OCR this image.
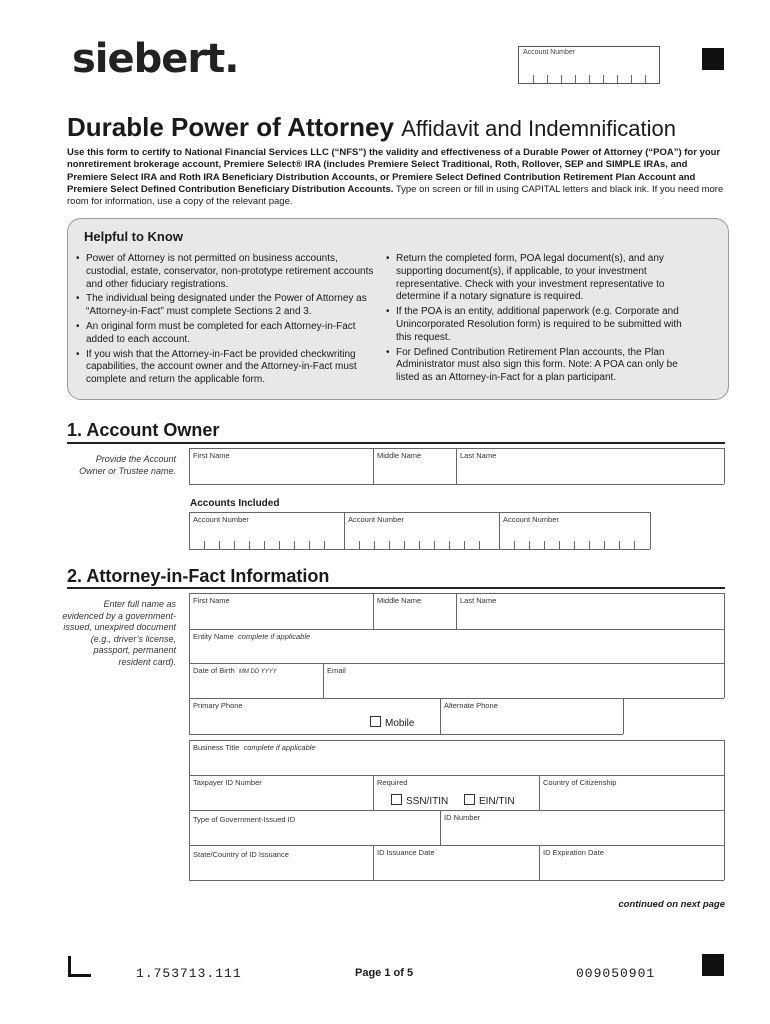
siebert.	Account Number
Durable Power of Attorney Affidavit and Indemnification
Use this form to certify to National Financial Services LLC (“NFS”) the validity and effectiveness of a Durable Power of Attorney (“POA”) for your nonretirement brokerage account, Premiere Select® IRA (includes Premiere Select Traditional, Roth, Rollover, SEP and SIMPLE IRAs, and Premiere Select IRA and Roth IRA Beneficiary Distribution Accounts, or Premiere Select Defined Contribution Retirement Plan Account and Premiere Select Defined Contribution Beneficiary Distribution Accounts. Type on screen or fill in using CAPITAL letters and black ink. If you need more room for information, use a copy of the relevant page.
Helpful to Know
• Power of Attorney is not permitted on business accounts, custodial, estate, conservator, non-prototype retirement accounts and other fiduciary registrations.
• The individual being designated under the Power of Attorney as “Attorney-in-Fact” must complete Sections 2 and 3.
• An original form must be completed for each Attorney-in-Fact added to each account.
• If you wish that the Attorney-in-Fact be provided checkwriting capabilities, the account owner and the Attorney-in-Fact must complete and return the applicable form.
• Return the completed form, POA legal document(s), and any supporting document(s), if applicable, to your investment representative. Check with your investment representative to determine if a notary signature is required.
• If the POA is an entity, additional paperwork (e.g. Corporate and Unincorporated Resolution form) is required to be submitted with this request.
• For Defined Contribution Retirement Plan accounts, the Plan Administrator must also sign this form. Note: A POA can only be listed as an Attorney-in-Fact for a plan participant.
1. Account Owner
Provide the Account Owner or Trustee name.
First Name	Middle Name	Last Name
Accounts Included
Account Number	Account Number	Account Number
2. Attorney-in-Fact Information
Enter full name as evidenced by a government-issued, unexpired document (e.g., driver’s license, passport, permanent resident card).
First Name	Middle Name	Last Name
Entity Name complete if applicable
Date of Birth MM DD YYYY	Email
Primary Phone	Alternate Phone
Mobile
Business Title complete if applicable
Taxpayer ID Number	Required	Country of Citizenship
SSN/ITIN	EIN/TIN
Type of Government-Issued ID	ID Number
State/Country of ID Issuance	ID Issuance Date	ID Expiration Date
continued on next page
1.753713.111	Page 1 of 5	009050901
